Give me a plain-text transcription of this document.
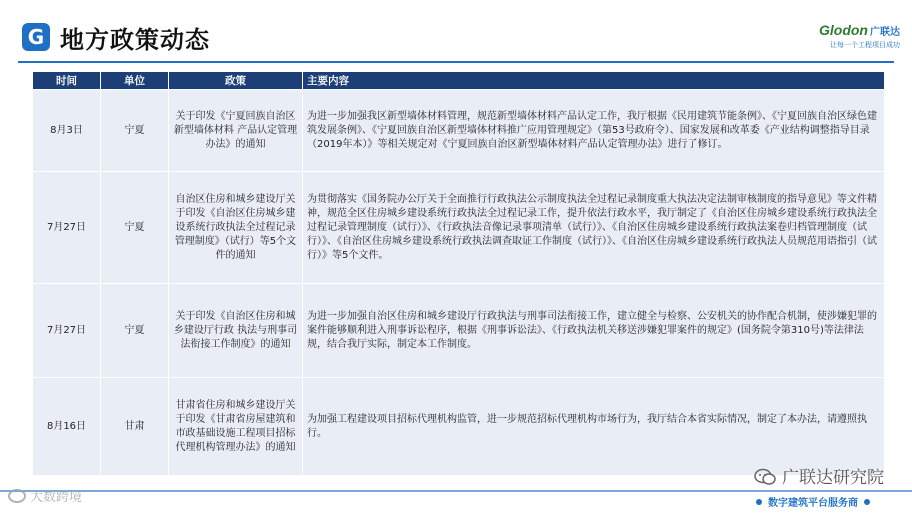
G 地方政策动态	Glodon 广联达
让每一个工程项目成功
时间	单位	政策	主要内容
8月3日	宁夏	关于印发《宁夏回族自治区新型墙体材料 产品认定管理办法》的通知	为进一步加强我区新型墙体材料管理，规范新型墙体材料产品认定工作，我厅根据《民用建筑节能条例》、《宁夏回族自治区绿色建筑发展条例》、《宁夏回族自治区新型墙体材料推广应用管理规定》（第53号政府令）、国家发展和改革委《产业结构调整指导目录（2019年本）》等相关规定对《宁夏回族自治区新型墙体材料产品认定管理办法》进行了修订。
7月27日	宁夏	自治区住房和城乡建设厅关于印发《自治区住房城乡建设系统行政执法全过程记录管理制度》（试行）等5个文件的通知	为贯彻落实《国务院办公厅关于全面推行行政执法公示制度执法全过程记录制度重大执法决定法制审核制度的指导意见》等文件精神，规范全区住房城乡建设系统行政执法全过程记录工作，提升依法行政水平，我厅制定了《自治区住房城乡建设系统行政执法全过程记录管理制度（试行）》、《行政执法音像记录事项清单（试行）》、《自治区住房城乡建设系统行政执法案卷归档管理制度（试行）》、《自治区住房城乡建设系统行政执法调查取证工作制度（试行）》、《自治区住房城乡建设系统行政执法人员规范用语指引（试行）》等5个文件。
7月27日	宁夏	关于印发《自治区住房和城乡建设厅行政 执法与刑事司法衔接工作制度》的通知	为进一步加强自治区住房和城乡建设厅行政执法与刑事司法衔接工作，建立健全与检察、公安机关的协作配合机制，使涉嫌犯罪的案件能够顺利进入刑事诉讼程序，根据《刑事诉讼法》、《行政执法机关移送涉嫌犯罪案件的规定》(国务院令第310号)等法律法规，结合我厅实际，制定本工作制度。
8月16日	甘肃	甘肃省住房和城乡建设厅关于印发《甘肃省房屋建筑和市政基础设施工程项目招标代理机构管理办法》的通知	为加强工程建设项目招标代理机构监管，进一步规范招标代理机构市场行为，我厅结合本省实际情况，制定了本办法，请遵照执行。
广联达研究院
数字建筑平台服务商
大数跨境
